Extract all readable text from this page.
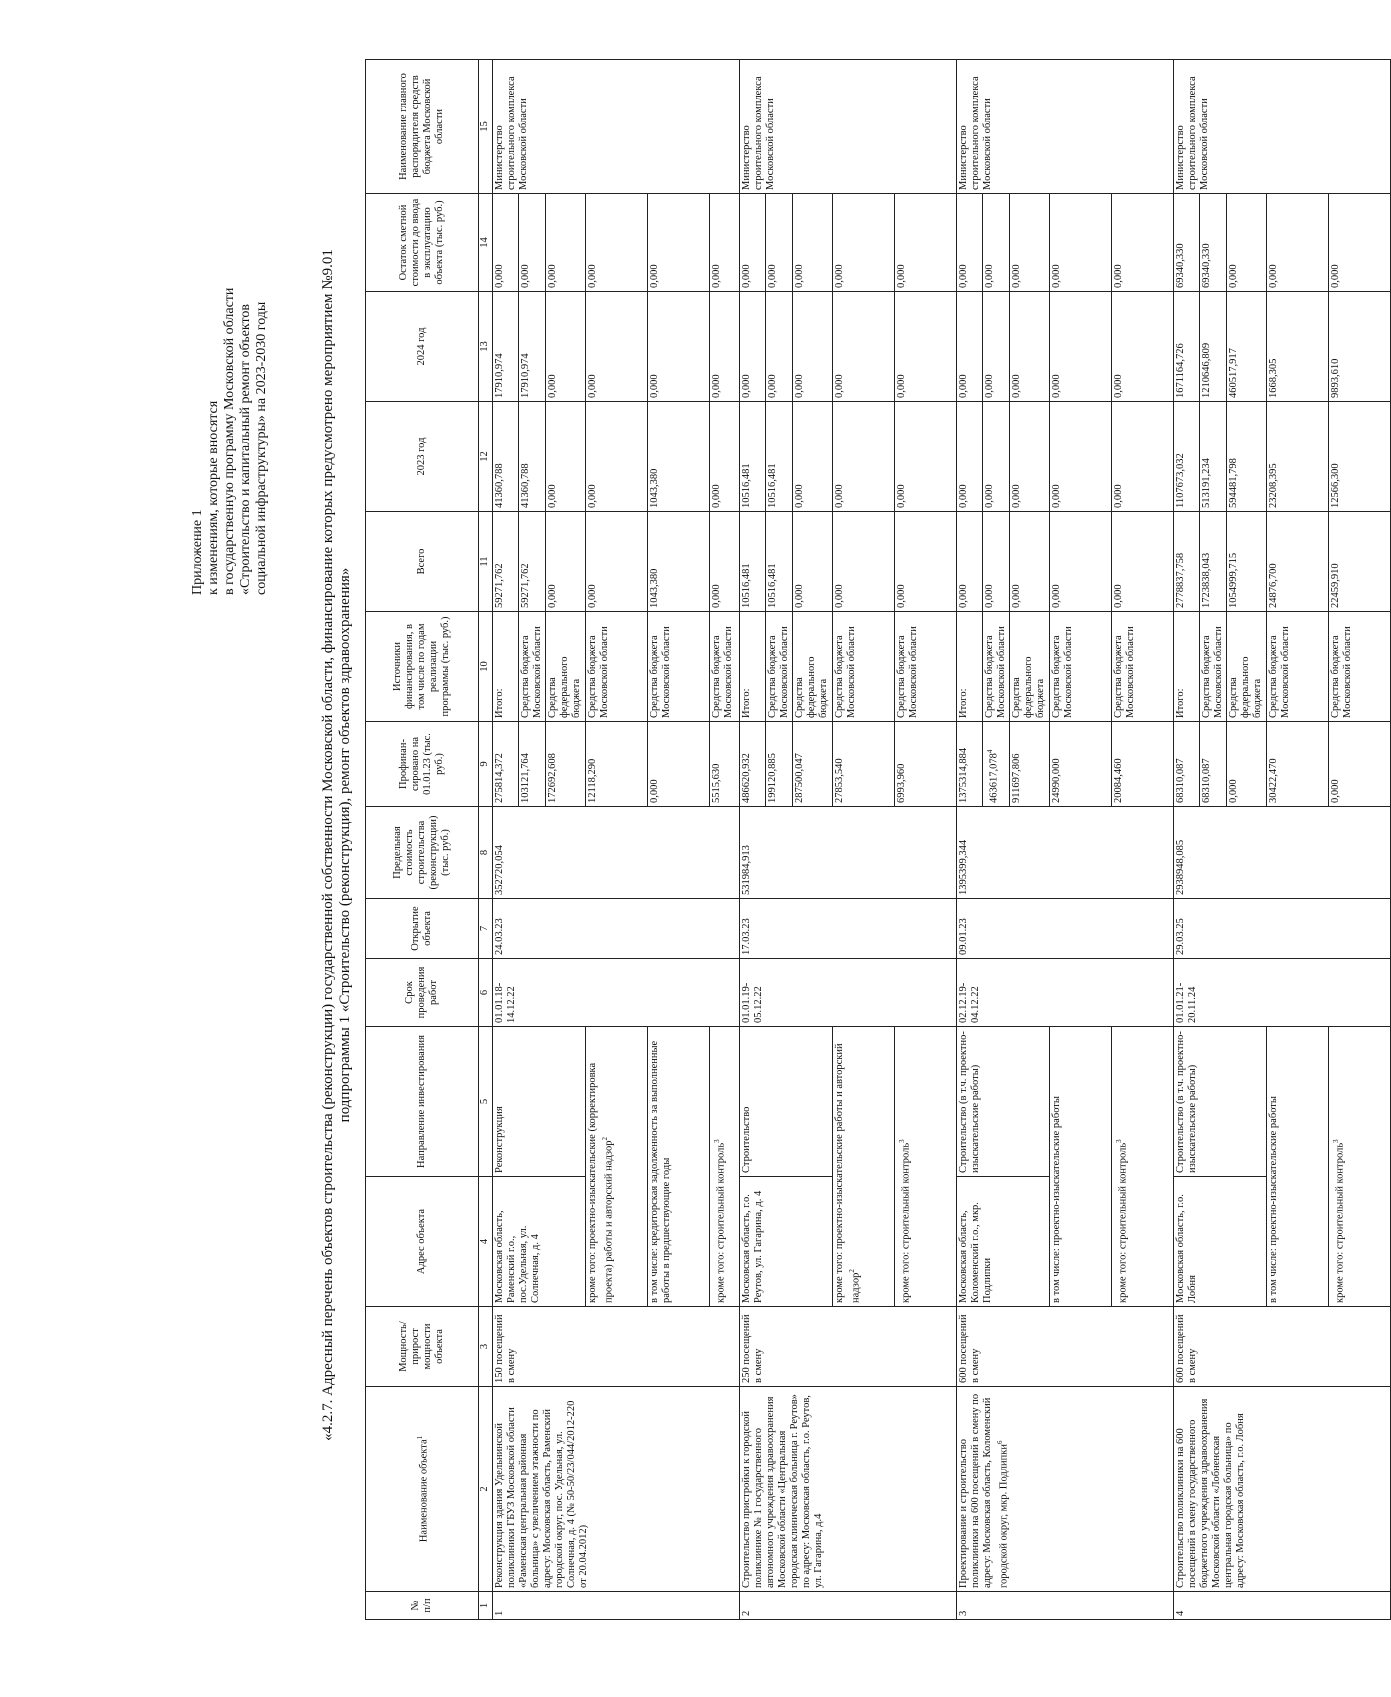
Приложение 1 к изменениям, которые вносятся в государственную программу Московской области «Строительство и капитальный ремонт объектов социальной инфраструктуры» на 2023-2030 годы	«4.2.7. Адресный перечень объектов строительства (реконструкции) государственной собственности Московской области, финансирование которых предусмотрено мероприятием №9.01 подпрограммы 1 «Строительство (реконструкция), ремонт объектов здравоохранения»
№ п/п	Наименование объекта$^1$	Мощность/ прирост мощности объекта	Адрес объекта	Направление инвестирования	Срок проведения работ	Открытие объекта	Предельная стоимость строительства (реконструкции) (тыс. руб.)	Профинан-сировано на 01.01.23 (тыс. руб.)	Источники финансирования, в том числе по годам реализации программы (тыс. руб.)	Всего	2023 год	2024 год	Остаток сметной стоимости до ввода в эксплуатацию объекта (тыс. руб.)	Наименование главного распорядителя средств бюджета Московской области
1	2	3	4	5	6	7	8	9	10	11	12	13	14	15
1	Реконструкция здания Удельнинской поликлиники ГБУЗ Московской области «Раменская центральная районная больница» с увеличением этажности по адресу: Московская область, Раменский городской округ, пос. Удельная, ул. Солнечная, д. 4 (№ 50-50/23/044/2012-220 от 20.04.2012)	150 посещений в смену	Московская область, Раменский г.о., пос.Удельная, ул. Солнечная, д. 4	Реконструкция	01.01.18-14.12.22	24.03.23	352720,054	275814,372	Итого:	59271,762	41360,788	17910,974	0,000	Министерство строительного комплекса Московской области
								103121,764	Средства бюджета Московской области	59271,762	41360,788	17910,974	0,000	
								172692,608	Средства федерального бюджета	0,000	0,000	0,000	0,000	
			кроме того: проектно-изыскательские (корректировка проекта) работы и авторский надзор$^2$					12118,290	Средства бюджета Московской области	0,000	0,000	0,000	0,000	
			в том числе: кредиторская задолженность за выполненные работы в предшествующие годы					0,000	Средства бюджета Московской области	1043,380	1043,380	0,000	0,000	
			кроме того: строительный контроль$^3$					5515,630	Средства бюджета Московской области	0,000	0,000	0,000	0,000	
2	Строительство пристройки к городской поликлинике № 1 государственного автономного учреждения здравоохранения Московской области «Центральная городская клиническая больница г. Реутов» по адресу: Московская область, г.о. Реутов, ул. Гагарина, д.4	250 посещений в смену	Московская область, г.о. Реутов, ул. Гагарина, д. 4	Строительство	01.01.19-05.12.22	17.03.23	531984,913	486620,932	Итого:	10516,481	10516,481	0,000	0,000	Министерство строительного комплекса Московской области
								199120,885	Средства бюджета Московской области	10516,481	10516,481	0,000	0,000	
								287500,047	Средства федерального бюджета	0,000	0,000	0,000	0,000	
			кроме того: проектно-изыскательские работы и авторский надзор$^2$					27853,540	Средства бюджета Московской области	0,000	0,000	0,000	0,000	
			кроме того: строительный контроль$^3$					6993,960	Средства бюджета Московской области	0,000	0,000	0,000	0,000	
3	Проектирование и строительство поликлиники на 600 посещений в смену по адресу: Московская область, Коломенский городской округ, мкр. Подлипки$^6$	600 посещений в смену	Московская область, Коломенский г.о., мкр. Подлипки	Строительство (в т.ч. проектно-изыскательские работы)	02.12.19-04.12.22	09.01.23	1395399,344	1375314,884	Итого:	0,000	0,000	0,000	0,000	Министерство строительного комплекса Московской области
								463617,078$^4$	Средства бюджета Московской области	0,000	0,000	0,000	0,000	
								911697,806	Средства федерального бюджета	0,000	0,000	0,000	0,000	
			в том числе: проектно-изыскательские работы					24990,000	Средства бюджета Московской области	0,000	0,000	0,000	0,000	
			кроме того: строительный контроль$^3$					20084,460	Средства бюджета Московской области	0,000	0,000	0,000	0,000	
4	Строительство поликлиники на 600 посещений в смену государственного бюджетного учреждения здравоохранения Московской области «Лобненская центральная городская больница» по адресу: Московская область, г.о. Лобня	600 посещений в смену	Московская область, г.о. Лобня	Строительство (в т.ч. проектно-изыскательские работы)	01.01.21-20.11.24	29.03.25	2938948,085	68310,087	Итого:	2778837,758	1107673,032	1671164,726	69340,330	Министерство строительного комплекса Московской области
								68310,087	Средства бюджета Московской области	1723838,043	513191,234	1210646,809	69340,330	
								0,000	Средства федерального бюджета	1054999,715	594481,798	460517,917	0,000	
			в том числе: проектно-изыскательские работы					30422,470	Средства бюджета Московской области	24876,700	23208,395	1668,305	0,000	
			кроме того: строительный контроль$^3$					0,000	Средства бюджета Московской области	22459,910	12566,300	9893,610	0,000	
